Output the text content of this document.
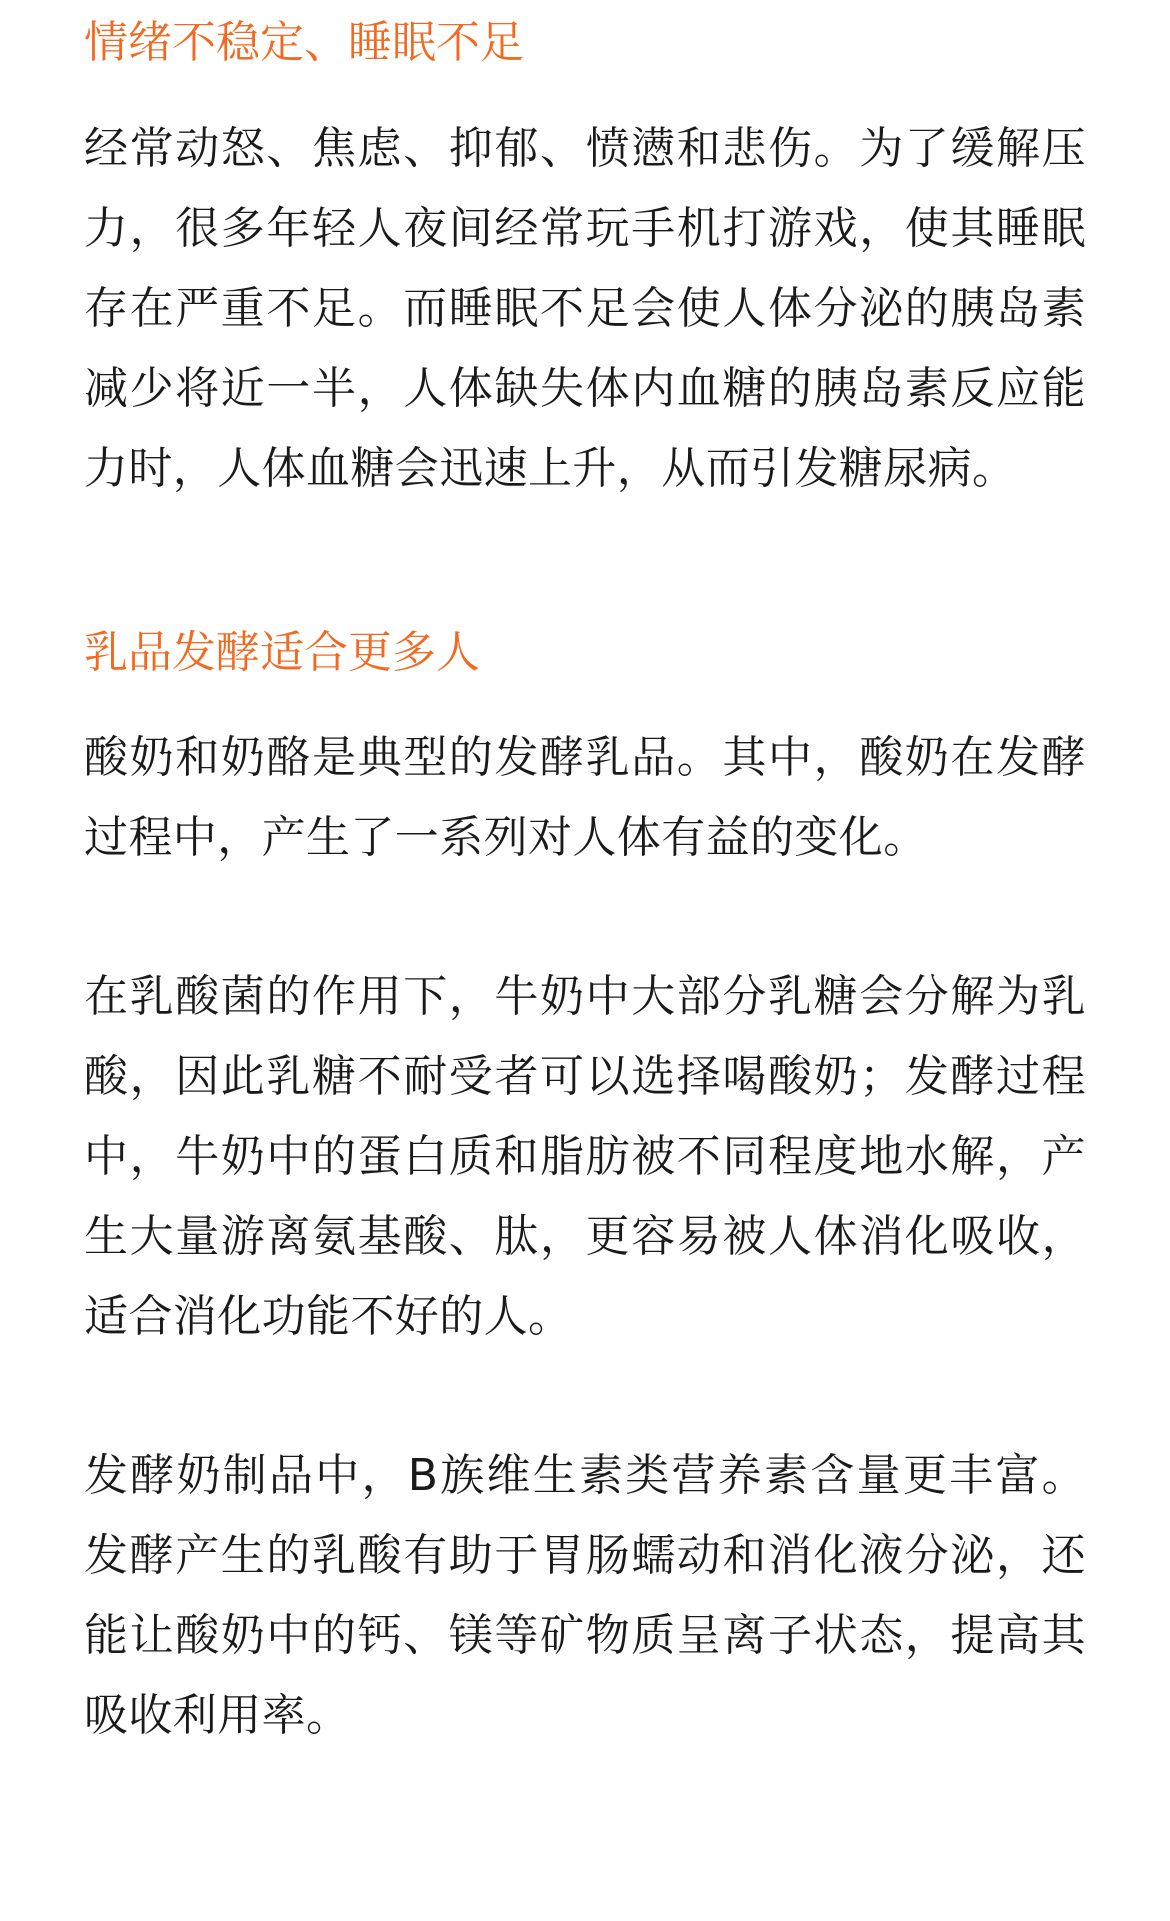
情绪不稳定、睡眠不足

经常动怒、焦虑、抑郁、愤懑和悲伤。为了缓解压力，很多年轻人夜间经常玩手机打游戏，使其睡眠存在严重不足。而睡眠不足会使人体分泌的胰岛素减少将近一半，人体缺失体内血糖的胰岛素反应能力时，人体血糖会迅速上升，从而引发糖尿病。

乳品发酵适合更多人

酸奶和奶酪是典型的发酵乳品。其中，酸奶在发酵过程中，产生了一系列对人体有益的变化。

在乳酸菌的作用下，牛奶中大部分乳糖会分解为乳酸，因此乳糖不耐受者可以选择喝酸奶；发酵过程中，牛奶中的蛋白质和脂肪被不同程度地水解，产生大量游离氨基酸、肽，更容易被人体消化吸收，适合消化功能不好的人。

发酵奶制品中，B族维生素类营养素含量更丰富。发酵产生的乳酸有助于胃肠蠕动和消化液分泌，还能让酸奶中的钙、镁等矿物质呈离子状态，提高其吸收利用率。
